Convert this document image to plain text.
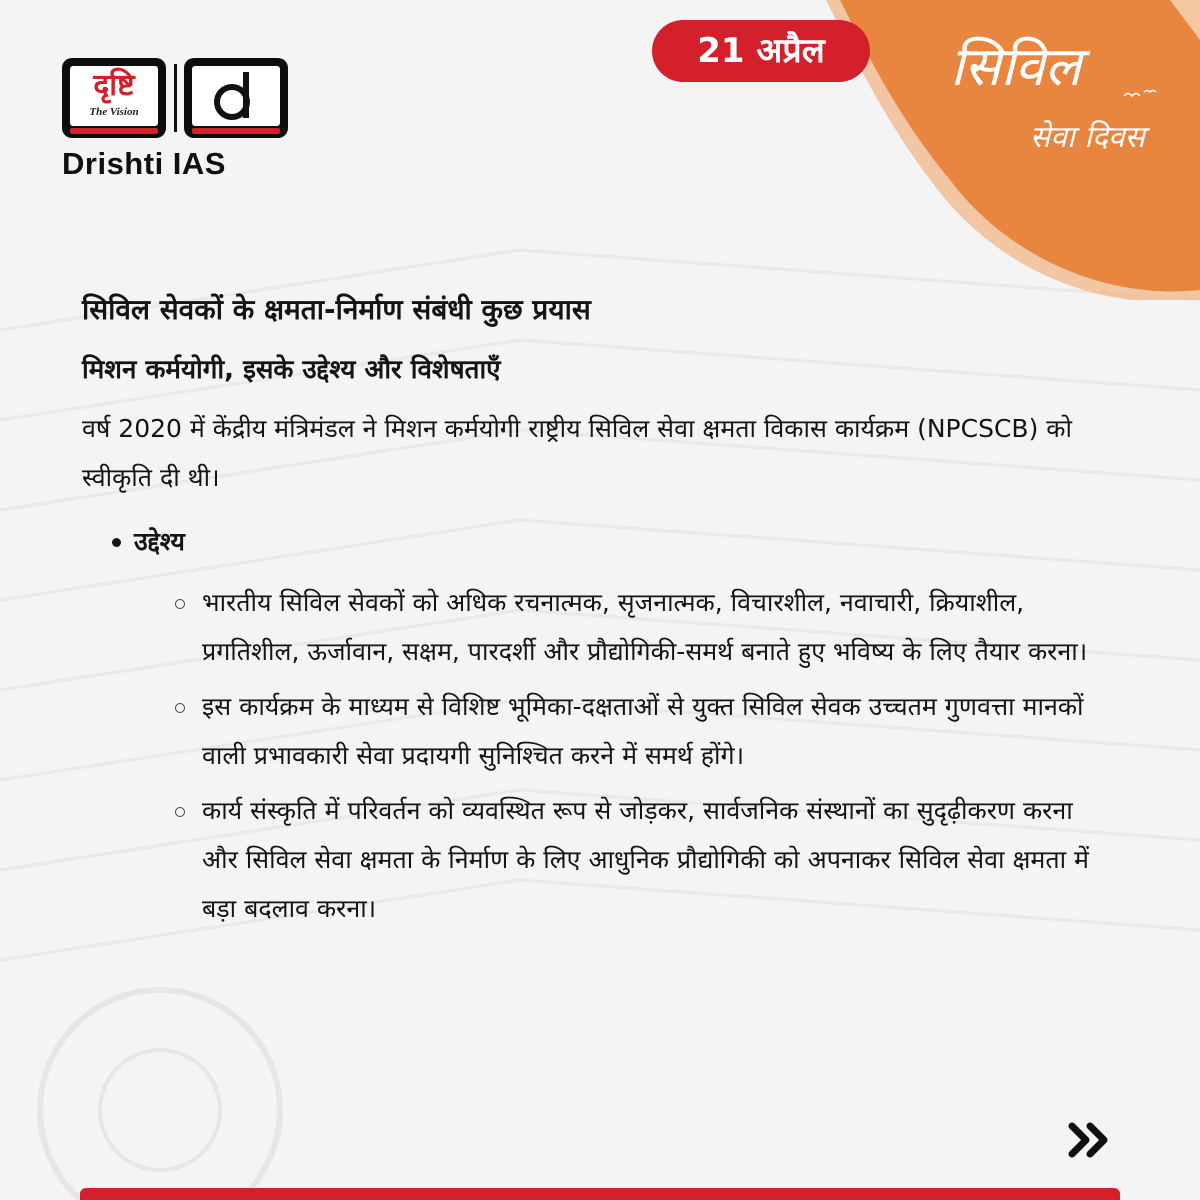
दृष्टि
The Vision
Drishti IAS
21 अप्रैल	सिविल
सेवा दिवस
सिविल सेवकों के क्षमता-निर्माण संबंधी कुछ प्रयास
मिशन कर्मयोगी, इसके उद्देश्य और विशेषताएँ
वर्ष 2020 में केंद्रीय मंत्रिमंडल ने मिशन कर्मयोगी राष्ट्रीय सिविल सेवा क्षमता विकास कार्यक्रम (NPCSCB) को स्वीकृति दी थी।
उद्देश्य
भारतीय सिविल सेवकों को अधिक रचनात्मक, सृजनात्मक, विचारशील, नवाचारी, क्रियाशील, प्रगतिशील, ऊर्जावान, सक्षम, पारदर्शी और प्रौद्योगिकी-समर्थ बनाते हुए भविष्य के लिए तैयार करना।
इस कार्यक्रम के माध्यम से विशिष्ट भूमिका-दक्षताओं से युक्त सिविल सेवक उच्चतम गुणवत्ता मानकों वाली प्रभावकारी सेवा प्रदायगी सुनिश्चित करने में समर्थ होंगे।
कार्य संस्कृति में परिवर्तन को व्यवस्थित रूप से जोड़कर, सार्वजनिक संस्थानों का सुदृढ़ीकरण करना और सिविल सेवा क्षमता के निर्माण के लिए आधुनिक प्रौद्योगिकी को अपनाकर सिविल सेवा क्षमता में बड़ा बदलाव करना।
